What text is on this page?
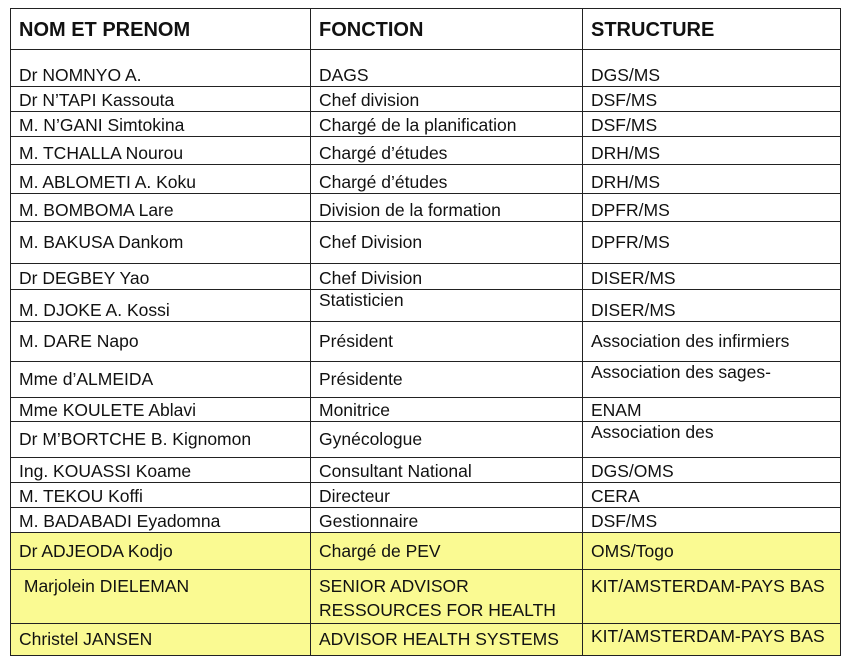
NOM ET PRENOM	FONCTION	STRUCTURE
Dr NOMNYO A.	DAGS	DGS/MS
Dr N’TAPI Kassouta	Chef division	DSF/MS
M. N’GANI Simtokina	Chargé de la planification	DSF/MS
M. TCHALLA Nourou	Chargé d’études	DRH/MS
M. ABLOMETI A. Koku	Chargé d’études	DRH/MS
M. BOMBOMA Lare	Division de la formation	DPFR/MS
M. BAKUSA Dankom	Chef Division	DPFR/MS
Dr DEGBEY Yao	Chef Division	DISER/MS
M. DJOKE A. Kossi	Statisticien	DISER/MS
M. DARE Napo	Président	Association des infirmiers
Mme d’ALMEIDA	Présidente	Association des sages-

Mme KOULETE Ablavi	Monitrice	ENAM
Dr M’BORTCHE B. Kignomon	Gynécologue	Association des

Ing. KOUASSI Koame	Consultant National	DGS/OMS
M. TEKOU Koffi	Directeur	CERA
M. BADABADI Eyadomna	Gestionnaire	DSF/MS
Dr ADJEODA Kodjo	Chargé de PEV	OMS/Togo
Marjolein DIELEMAN	SENIOR ADVISOR RESSOURCES FOR HEALTH	KIT/AMSTERDAM-PAYS BAS
Christel JANSEN	ADVISOR HEALTH SYSTEMS	KIT/AMSTERDAM-PAYS BAS
